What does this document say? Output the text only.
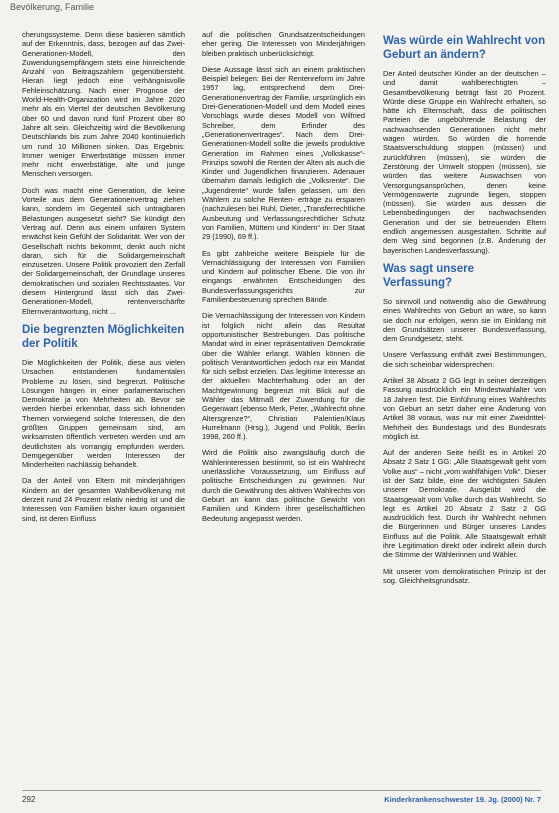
Bevölkerung, Familie

cherungssysteme. Denn diese basieren sämtlich auf der Erkenntnis, dass, bezogen auf das Zwei-Generationen-Modell, den Zuwendungsempfängern stets eine hinreichende Anzahl von Beitragszahlern gegenübersteht. Hieran liegt jedoch eine verhängnisvolle Fehleinschätzung. Nach einer Prognose der World-Health-Organization wird im Jahre 2020 mehr als ein Viertel der deutschen Bevölkerung über 60 und davon rund fünf Prozent über 80 Jahre alt sein. Gleichzeitig wird die Bevölkerung Deutschlands bis zum Jahre 2040 kontinuierlich um rund 10 Millionen sinken. Das Ergebnis: Immer weniger Erwerbstätige müssen immer mehr nicht erwerbstätige, alte und junge Menschen versorgen.

Doch was macht eine Generation, die keine Vorteile aus dem Generationenvertrag ziehen kann, sondern im Gegenteil sich untragbaren Belastungen ausgesetzt sieht? Sie kündigt den Vertrag auf. Denn aus einem unfairen System erwächst kein Gefühl der Solidarität. Wer von der Gesellschaft nichts bekommt, denkt auch nicht daran, sich für die Solidargemeinschaft einzusetzen. Unsere Politik provoziert den Zerfall der Solidargemeinschaft, der Grundlage unseres demokratischen und sozialen Rechtsstaates. Vor diesem Hintergrund lässt sich das Zwei-Generationen-Modell, rentenverschärfte Elternverantwortung, nicht ...

Die begrenzten Möglichkeiten der Politik

Die Möglichkeiten der Politik, diese aus vielen Ursachen entstandenen fundamentalen Probleme zu lösen, sind begrenzt. Politische Lösungen hängen in einer parlamentarischen Demokratie ja von Mehrheiten ab. Bevor sie werden hierbei erkennbar, dass sich lohnenden Themen vorwiegend solche Interessen, die den größten Gruppen gemeinsam sind, am wirksamsten öffentlich vertreten werden und am deutlichsten als vorrangig empfunden werden. Demgegenüber werden Interessen der Minderheiten nachlässig behandelt.

Da der Anteil von Eltern mit minderjährigen Kindern an der gesamten Wahlbevölkerung mit derzeit rund 24 Prozent relativ niedrig ist und die Interessen von Familien bisher kaum organisiert sind, ist deren Einfluss

auf die politischen Grundsatzentscheidungen eher gering. Die Interessen von Minderjährigen bleiben praktisch unberücksichtigt.

Diese Aussage lässt sich an einem praktischen Beispiel belegen: Bei der Rentenreform im Jahre 1957 lag, entsprechend dem Drei-Generationenvertrag der Familie, ursprünglich ein Drei-Generationen-Modell und dem Modell eines Vorschlags wurde dieses Modell von Wilfried Schreiber, dem Erfinder des „Generationenvertrages“. Nach dem Drei-Generationen-Modell sollte die jeweils produktive Generation im Rahmen eines „Volkskasse“-Prinzips sowohl die Renten der Alten als auch die Kinder und Jugendlichen finanzieren. Adenauer übernahm damals lediglich die „Volksrente“. Die „Jugendrente“ wurde fallen gelassen, um den Wählern zu solche Renten- erträge zu ersparen (nachzulesen bei Ruhl, Dieter, „Transferrechtliche Ausbeutung und Verfassungsrechtlicher Schutz von Familien, Müttern und Kindern“ in: Der Staat 29 (1990), 69 ff.).

Es gibt zahlreiche weitere Beispiele für die Vernachlässigung der Interessen von Familien und Kindern auf politischer Ebene. Die von ihr eingangs erwähnten Entscheidungen des Bundesverfassungsgerichts zur Familienbesteuerung sprechen Bände.

Die Vernachlässigung der Interessen von Kindern ist folglich nicht allein das Resultat opportunistischer Bestrebungen. Das politische Mandat wird in einer repräsentativen Demokratie über die Wähler erlangt. Wählen können die politisch Verantwortlichen jedoch nur ein Mandat für sich selbst erzielen. Das legitime Interesse an der aktuellen Machterhaltung oder an der Machtgewinnung begrenzt mit Blick auf die Wähler das Mitmaß der Zuwendung für die Gegenwart (ebenso Merk, Peter, „Wahlrecht ohne Altersgrenze?“, Christian Palentien/Klaus Hurrelmann (Hrsg.), Jugend und Politik, Berlin 1998, 260 ff.).

Wird die Politik also zwangsläufig durch die Wählerinteressen bestimmt, so ist ein Wahlrecht unerlässliche Voraussetzung, um Einfluss auf politische Entscheidungen zu gewinnen. Nur durch die Gewährung des aktiven Wahlrechts von Geburt an kann das politische Gewicht von Familien und Kindern ihrer gesellschaftlichen Bedeutung angepasst werden.

Was würde ein Wahlrecht von Geburt an ändern?

Der Anteil deutscher Kinder an der deutschen – und damit wahlberechtigten – Gesamtbevölkerung beträgt fast 20 Prozent. Würde diese Gruppe ein Wahlrecht erhalten, so hätte ich Elternschaft, dass die politischen Parteien die ungebührende Belastung der nachwachsenden Generationen nicht mehr wagen würden. So würden die horrende Staatsverschuldung stoppen (müssen) und zurückführen (müssen), sie würden die Zerstörung der Umwelt stoppen (müssen), sie würden das weitere Auswachsen von Versorgungsansprüchen, denen keine Vermögenswerte zugrunde liegen, stoppen (müssen). Sie würden aus dessen die Lebensbedingungen der nachwachsenden Generation und der sie betreuenden Eltern endlich angemessen ausgestalten. Schritte auf dem Weg sind begonnen (z.B. Änderung der bayerischen Landesverfassung).

Was sagt unsere Verfassung?

So sinnvoll und notwendig also die Gewährung eines Wahlrechts von Geburt an wäre, so kann sie doch nur erfolgen, wenn sie im Einklang mit den Grundsätzen unserer Bundesverfassung, dem Grundgesetz, steht.

Unsere Verfassung enthält zwei Bestimmungen, die sich scheinbar widersprechen:

Artikel 38 Absatz 2 GG legt in seiner derzeitigen Fassung ausdrücklich ein Mindestwahlalter von 18 Jahren fest. Die Einführung eines Wahlrechts von Geburt an setzt daher eine Änderung von Artikel 38 voraus, was nur mit einer Zweidrittel-Mehrheit des Bundestags und des Bundesrats möglich ist.

Auf der anderen Seite heißt es in Artikel 20 Absatz 2 Satz 1 GG: „Alle Staatsgewalt geht vom Volke aus“ – nicht „vom wahlfähigen Volk“. Dieser ist der Satz bilde, eine der wichtigsten Säulen unserer Demokratie. Ausgeübt wird die Staatsgewalt vom Volke durch das Wahlrecht. So legt es Artikel 20 Absatz 2 Satz 2 GG ausdrücklich fest. Durch ihr Wahlrecht nehmen die Bürgerinnen und Bürger unseres Landes Einfluss auf die Politik. Alle Staatsgewalt erhält ihre Legitimation direkt oder indirekt allein durch die Stimme der Wählerinnen und Wähler.

Mit unserer vom demokratischen Prinzip ist der sog. Gleichheitsgrundsatz.

292	Kinderkrankenschwester 19. Jg. (2000) Nr. 7
